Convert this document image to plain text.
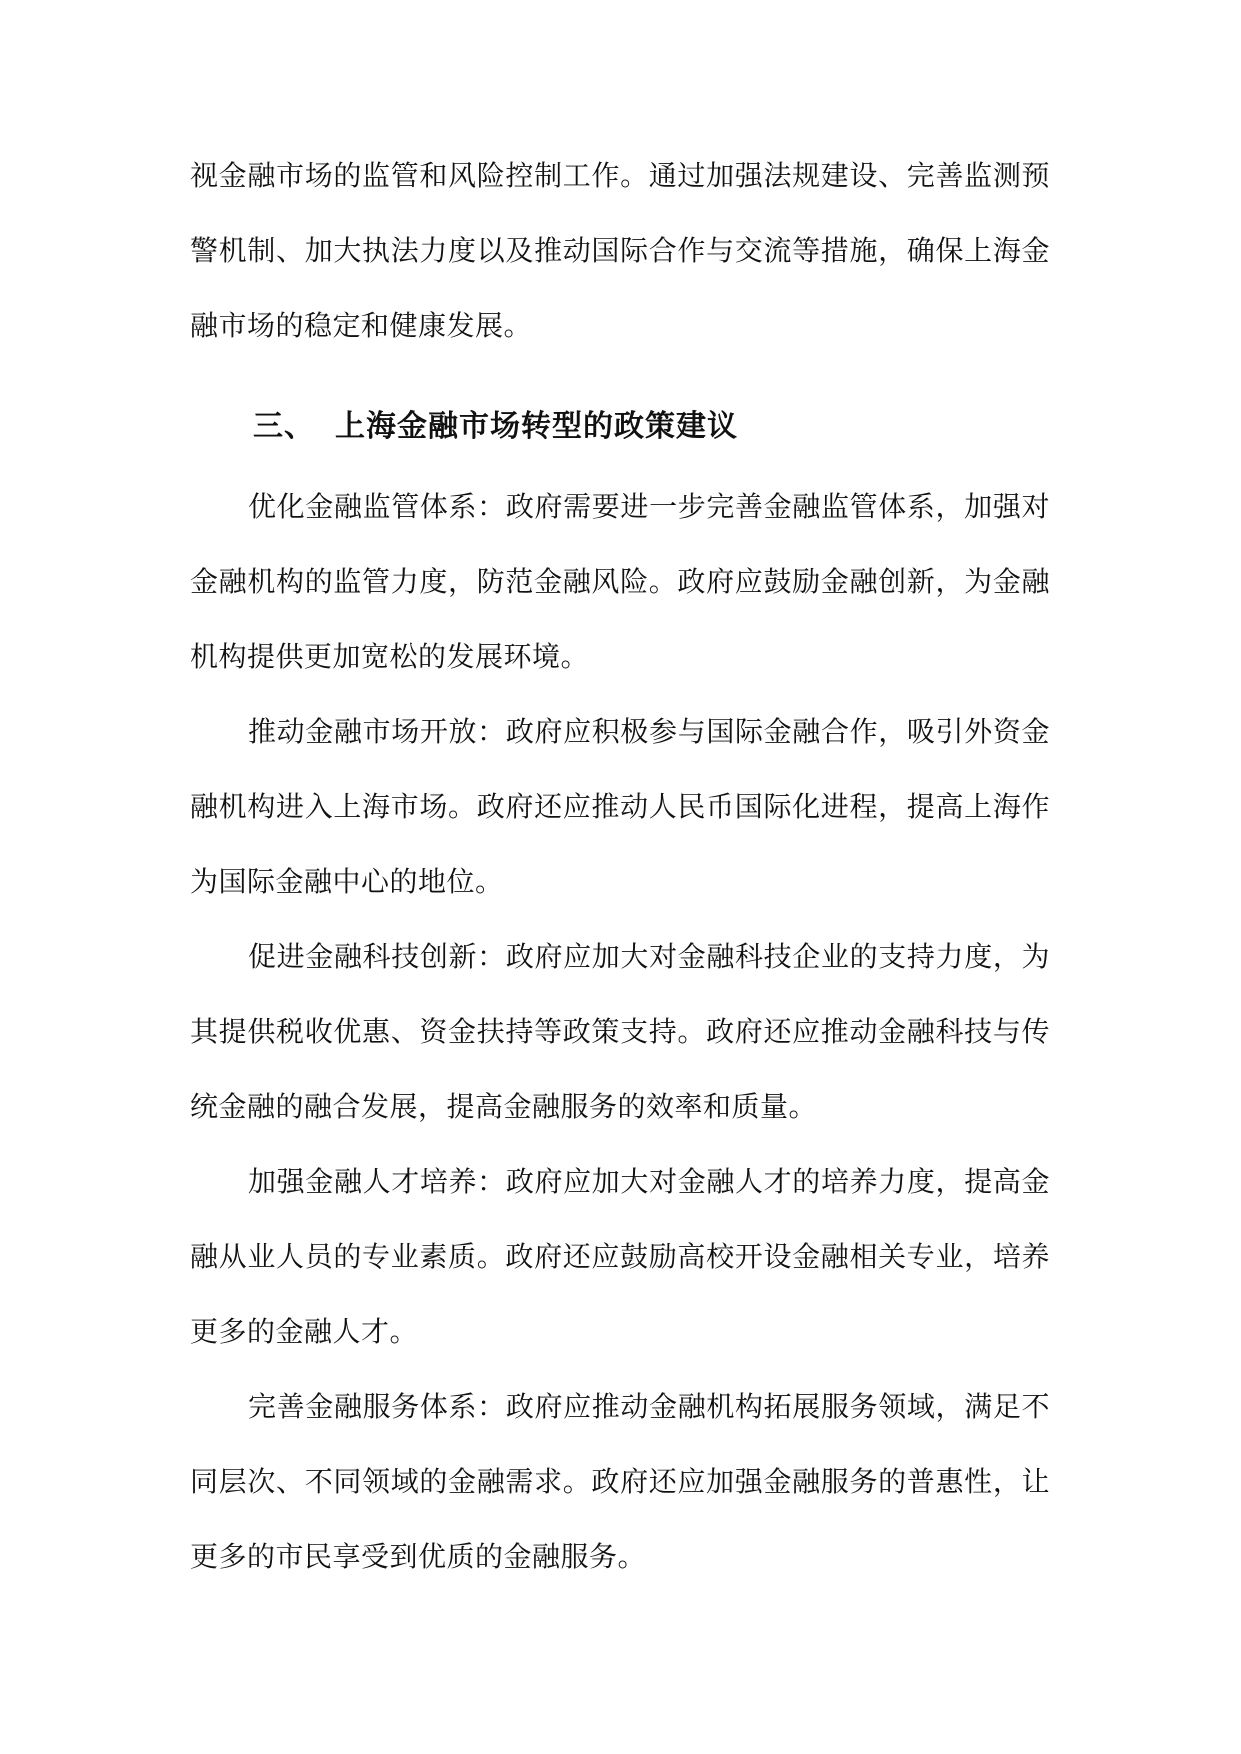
视金融市场的监管和风险控制工作。通过加强法规建设、完善监测预警机制、加大执法力度以及推动国际合作与交流等措施，确保上海金融市场的稳定和健康发展。

三、 上海金融市场转型的政策建议

优化金融监管体系：政府需要进一步完善金融监管体系，加强对金融机构的监管力度，防范金融风险。政府应鼓励金融创新，为金融机构提供更加宽松的发展环境。

推动金融市场开放：政府应积极参与国际金融合作，吸引外资金融机构进入上海市场。政府还应推动人民币国际化进程，提高上海作为国际金融中心的地位。

促进金融科技创新：政府应加大对金融科技企业的支持力度，为其提供税收优惠、资金扶持等政策支持。政府还应推动金融科技与传统金融的融合发展，提高金融服务的效率和质量。

加强金融人才培养：政府应加大对金融人才的培养力度，提高金融从业人员的专业素质。政府还应鼓励高校开设金融相关专业，培养更多的金融人才。

完善金融服务体系：政府应推动金融机构拓展服务领域，满足不同层次、不同领域的金融需求。政府还应加强金融服务的普惠性，让更多的市民享受到优质的金融服务。
